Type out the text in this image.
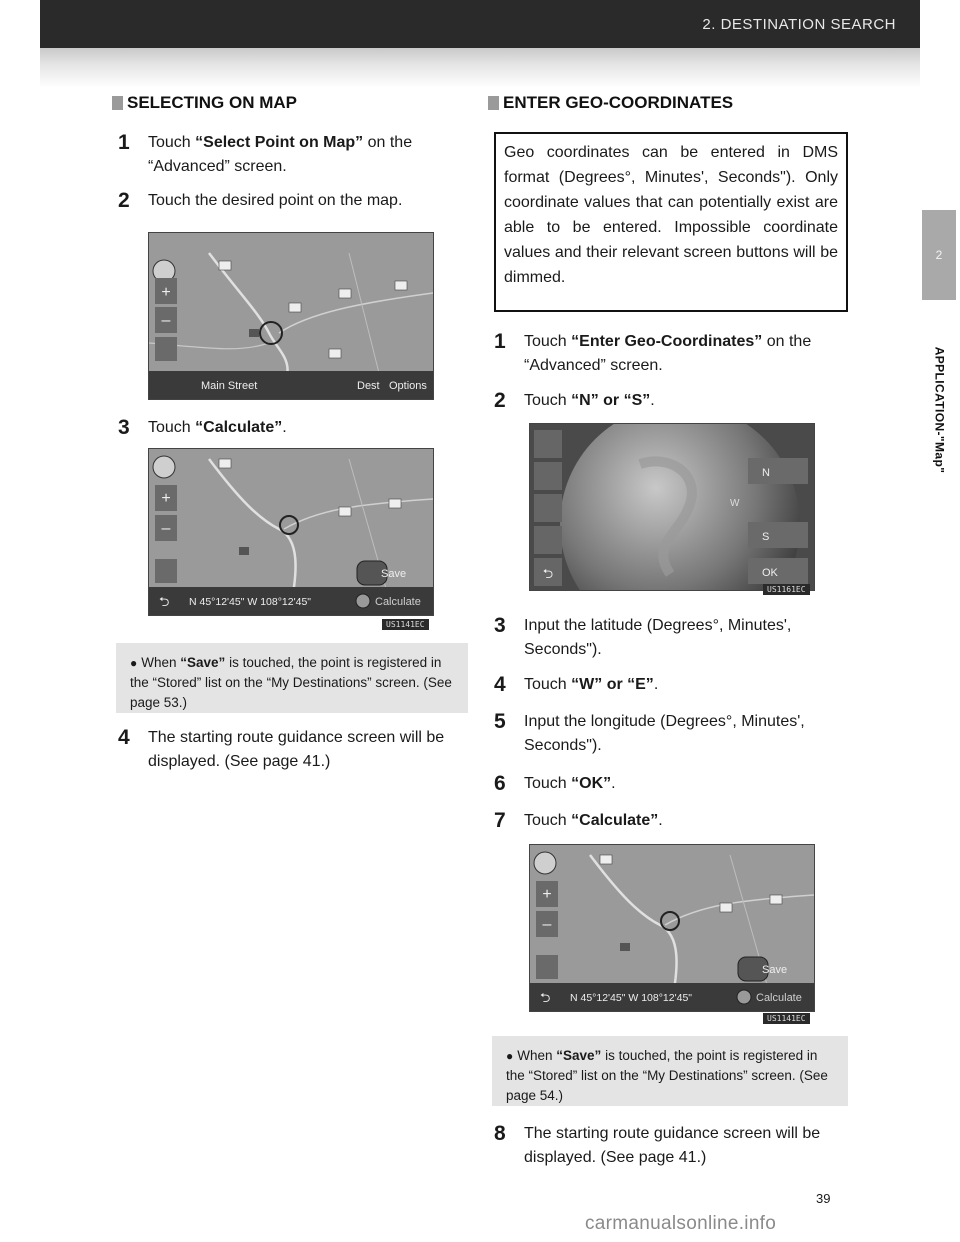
2. DESTINATION SEARCH
2
APPLICATION-"Map"
SELECTING ON MAP
1	Touch “Select Point on Map” on the “Advanced” screen.
2	Touch the desired point on the map.
+
–
Main Street	Dest Options
3	Touch “Calculate”.
+
–
Save
⮌ N 45°12'45" W 108°12'45"	Calculate
US1141EC
● When “Save” is touched, the point is registered in the “Stored” list on the “My Destinations” screen. (See page 53.)
4	The starting route guidance screen will be displayed. (See page 41.)
ENTER GEO-COORDINATES
Geo coordinates can be entered in DMS format (Degrees°, Minutes', Seconds"). Only coordinate values that can potentially exist are able to be entered. Impossible coordinate values and their relevant screen buttons will be dimmed.
1	Touch “Enter Geo-Coordinates” on the “Advanced” screen.
2	Touch “N” or “S”.
⮌
N
S
W
OK
US1161EC
3	Input the latitude (Degrees°, Minutes', Seconds").
4	Touch “W” or “E”.
5	Input the longitude (Degrees°, Minutes', Seconds").
6	Touch “OK”.
7	Touch “Calculate”.
+
–
Save
⮌ N 45°12'45" W 108°12'45"	Calculate
US1141EC
● When “Save” is touched, the point is registered in the “Stored” list on the “My Destinations” screen. (See page 54.)
8	The starting route guidance screen will be displayed. (See page 41.)
39
carmanualsonline.info
